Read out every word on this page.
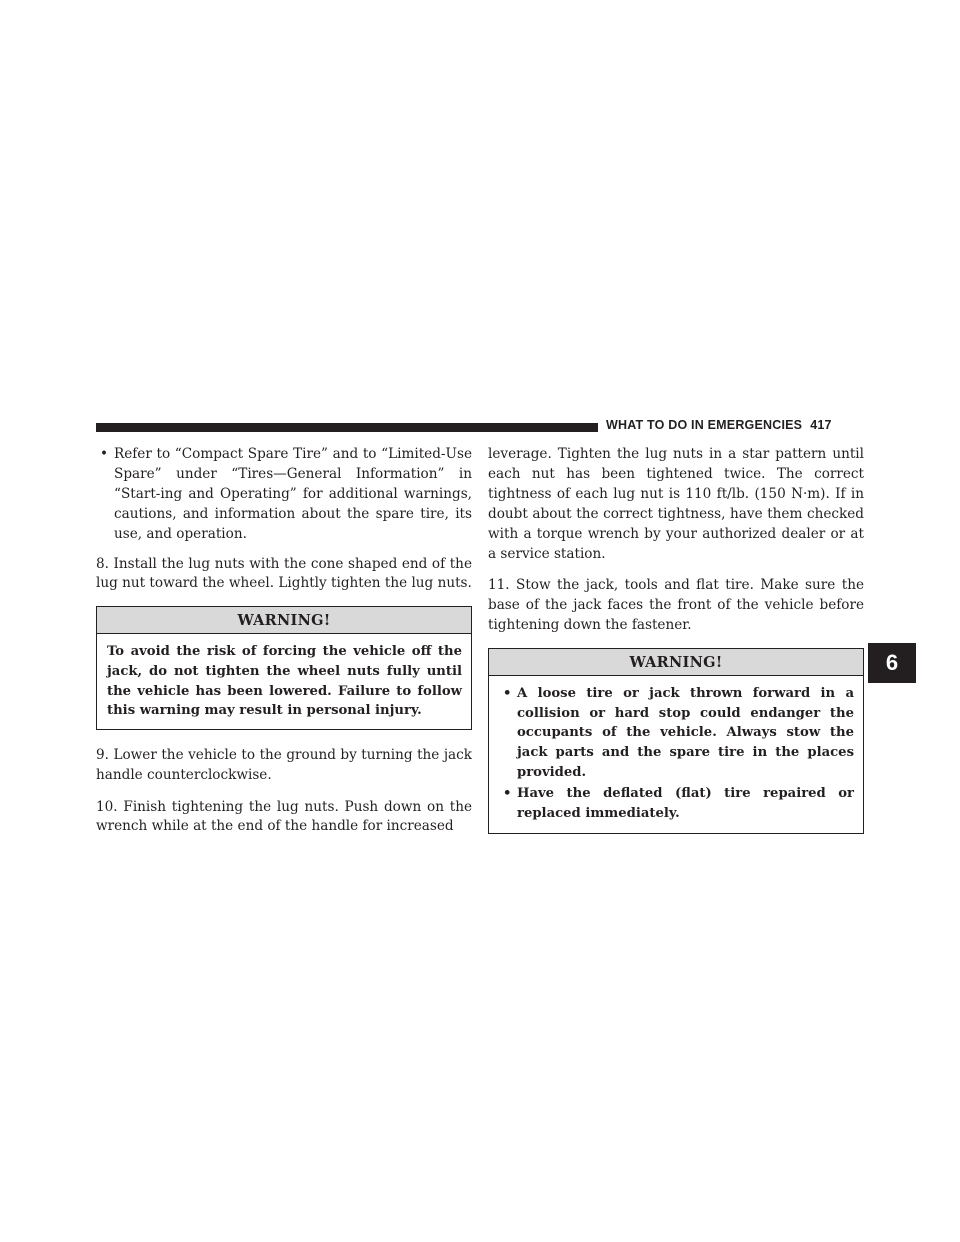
WHAT TO DO IN EMERGENCIES 417
6
• Refer to “Compact Spare Tire” and to “Limited-Use Spare” under “Tires—General Information” in “Start-ing and Operating” for additional warnings, cautions, and information about the spare tire, its use, and operation.

8. Install the lug nuts with the cone shaped end of the lug nut toward the wheel. Lightly tighten the lug nuts.

WARNING!
To avoid the risk of forcing the vehicle off the jack, do not tighten the wheel nuts fully until the vehicle has been lowered. Failure to follow this warning may result in personal injury.

9. Lower the vehicle to the ground by turning the jack handle counterclockwise.

10. Finish tightening the lug nuts. Push down on the wrench while at the end of the handle for increased

leverage. Tighten the lug nuts in a star pattern until each nut has been tightened twice. The correct tightness of each lug nut is 110 ft/lb. (150 N·m). If in doubt about the correct tightness, have them checked with a torque wrench by your authorized dealer or at a service station.

11. Stow the jack, tools and flat tire. Make sure the base of the jack faces the front of the vehicle before tightening down the fastener.

WARNING!
• A loose tire or jack thrown forward in a collision or hard stop could endanger the occupants of the vehicle. Always stow the jack parts and the spare tire in the places provided.
• Have the deflated (flat) tire repaired or replaced immediately.
